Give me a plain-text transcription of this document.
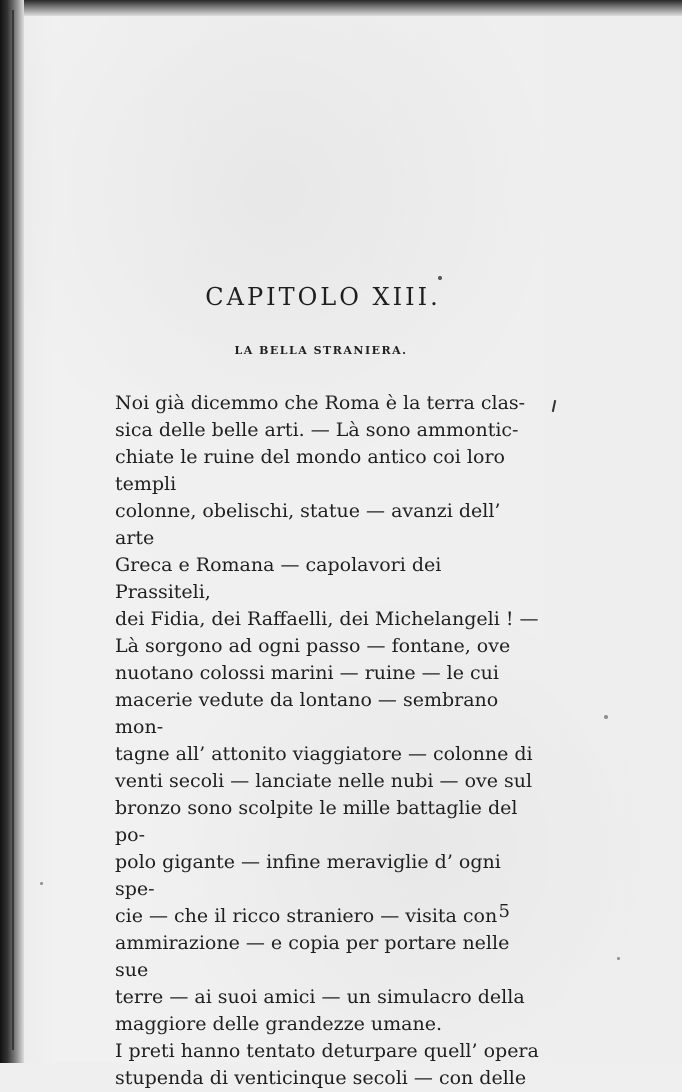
CAPITOLO XIII.
LA BELLA STRANIERA.
Noi già dicemmo che Roma è la terra clas-
sica delle belle arti. — Là sono ammontic-
chiate le ruine del mondo antico coi loro templi
colonne, obelischi, statue — avanzi dell’ arte
Greca e Romana — capolavori dei Prassiteli,
dei Fidia, dei Raffaelli, dei Michelangeli ! —
Là sorgono ad ogni passo — fontane, ove
nuotano colossi marini — ruine — le cui
macerie vedute da lontano — sembrano mon-
tagne all’ attonito viaggiatore — colonne di
venti secoli — lanciate nelle nubi — ove sul
bronzo sono scolpite le mille battaglie del po-
polo gigante — infine meraviglie d’ ogni spe-
cie — che il ricco straniero — visita con
ammirazione — e copia per portare nelle sue
terre — ai suoi amici — un simulacro della
maggiore delle grandezze umane.
I preti hanno tentato deturpare quell’ opera
stupenda di venticinque secoli — con delle
5
